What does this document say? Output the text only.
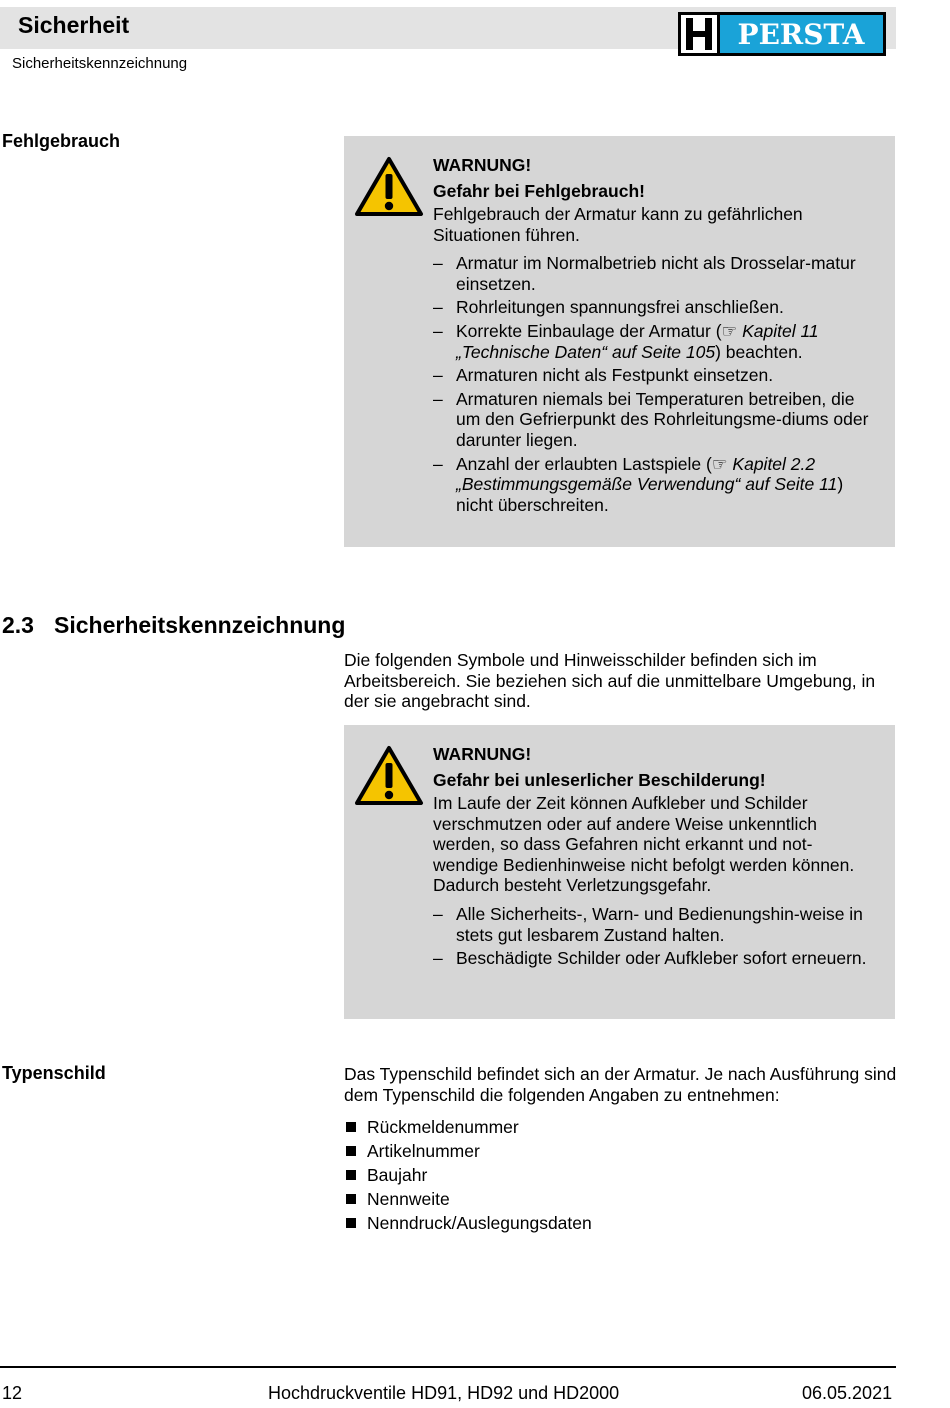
Sicherheit
Sicherheitskennzeichnung
PERSTA
Fehlgebrauch

WARNUNG!

Gefahr bei Fehlgebrauch!

Fehlgebrauch der Armatur kann zu gefährlichen Situationen führen.

– Armatur im Normalbetrieb nicht als Drosselar-matur einsetzen.
– Rohrleitungen spannungsfrei anschließen.
– Korrekte Einbaulage der Armatur (☞ Kapitel 11 „Technische Daten“ auf Seite 105) beachten.
– Armaturen nicht als Festpunkt einsetzen.
– Armaturen niemals bei Temperaturen betreiben, die um den Gefrierpunkt des Rohrleitungsme-diums oder darunter liegen.
– Anzahl der erlaubten Lastspiele (☞ Kapitel 2.2 „Bestimmungsgemäße Verwendung“ auf Seite 11) nicht überschreiten.
2.3 Sicherheitskennzeichnung

Die folgenden Symbole und Hinweisschilder befinden sich im Arbeitsbereich. Sie beziehen sich auf die unmittelbare Umgebung, in der sie angebracht sind.

WARNUNG!

Gefahr bei unleserlicher Beschilderung!

Im Laufe der Zeit können Aufkleber und Schilder verschmutzen oder auf andere Weise unkenntlich werden, so dass Gefahren nicht erkannt und not-wendige Bedienhinweise nicht befolgt werden können. Dadurch besteht Verletzungsgefahr.

– Alle Sicherheits-, Warn- und Bedienungshin-weise in stets gut lesbarem Zustand halten.
– Beschädigte Schilder oder Aufkleber sofort erneuern.
Typenschild	Das Typenschild befindet sich an der Armatur. Je nach Ausführung sind dem Typenschild die folgenden Angaben zu entnehmen:

Rückmeldenummer
Artikelnummer
Baujahr
Nennweite
Nenndruck/Auslegungsdaten
12	Hochdruckventile HD91, HD92 und HD2000	06.05.2021
